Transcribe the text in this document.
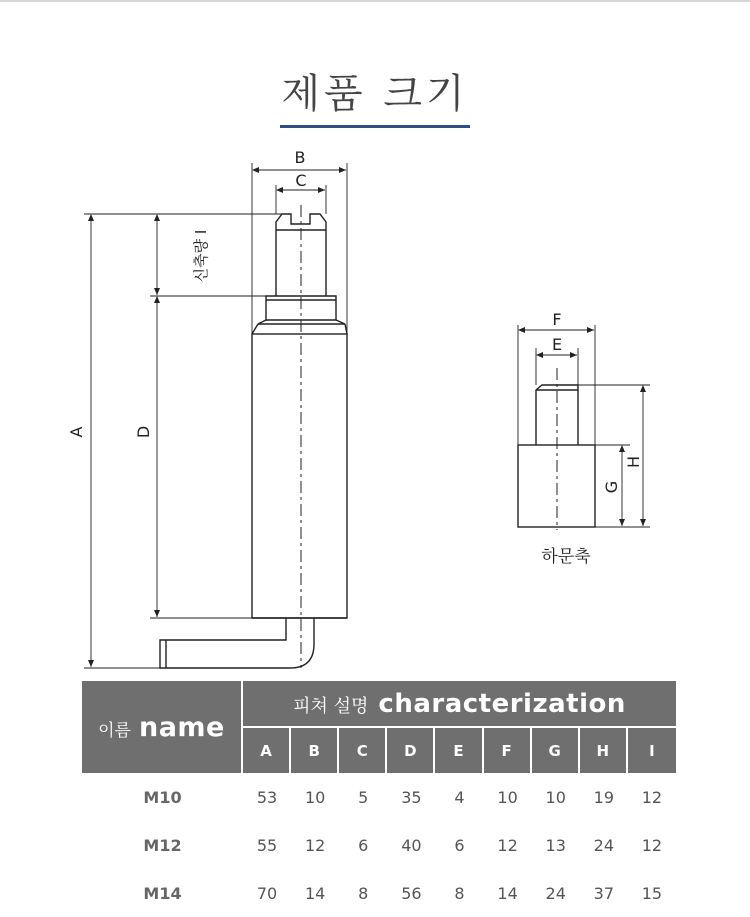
제품 크기
B
C
A	D
신축량 I
F
E
H
G
하문축
이름 name	피쳐 설명 characterization								
	A	B	C	D	E	F	G	H	I
M10	53	10	5	35	4	10	10	19	12
M12	55	12	6	40	6	12	13	24	12
M14	70	14	8	56	8	14	24	37	15
